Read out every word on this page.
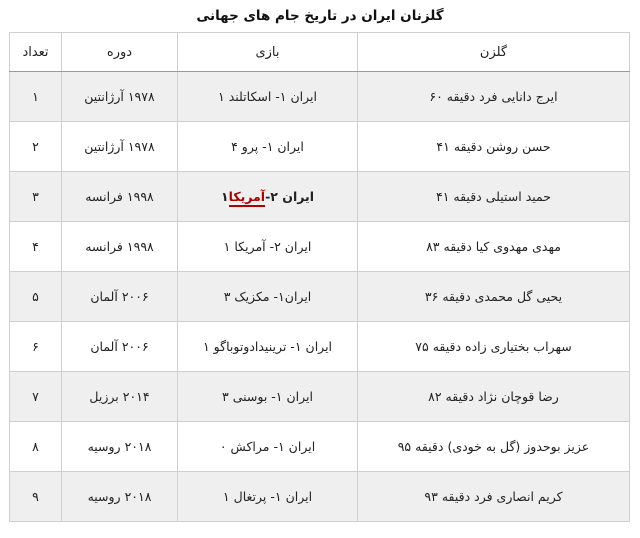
گلزنان ایران در تاریخ جام های جهانی
گلزن	بازی	دوره	تعداد
ایرج دانایی فرد دقیقه ۶۰	ایران ۱- اسکاتلند ۱	۱۹۷۸ آرژانتین	۱
حسن روشن دقیقه ۴۱	ایران ۱- پرو ۴	۱۹۷۸ آرژانتین	۲
حمید استیلی دقیقه ۴۱	ایران ۲-آمریکا۱	۱۹۹۸ فرانسه	۳
مهدی مهدوی کیا دقیقه ۸۳	ایران ۲- آمریکا ۱	۱۹۹۸ فرانسه	۴
یحیی گل محمدی دقیقه ۳۶	ایران۱- مکزیک ۳	۲۰۰۶ آلمان	۵
سهراب بختیاری زاده دقیقه ۷۵	ایران ۱- ترینیدادوتوباگو ۱	۲۰۰۶ آلمان	۶
رضا قوچان نژاد دقیقه ۸۲	ایران ۱- بوسنی ۳	۲۰۱۴ برزیل	۷
عزیز بوحدوز (گل به خودی) دقیقه ۹۵	ایران ۱- مراکش ۰	۲۰۱۸ روسیه	۸
کریم انصاری فرد دقیقه ۹۳	ایران ۱- پرتغال ۱	۲۰۱۸ روسیه	۹
